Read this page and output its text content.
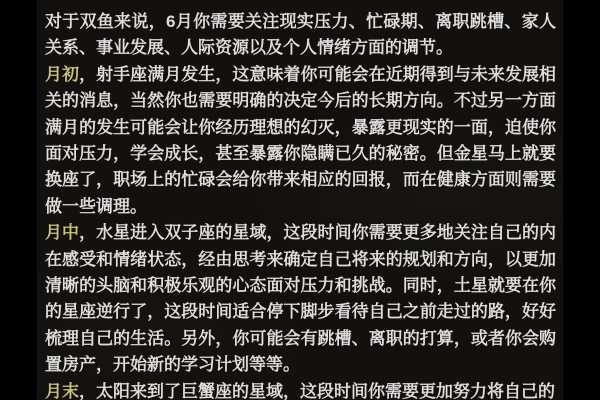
对于双鱼来说，6月你需要关注现实压力、忙碌期、离职跳槽、家人关系、事业发展、人际资源以及个人情绪方面的调节。

月初，射手座满月发生，这意味着你可能会在近期得到与未来发展相关的消息，当然你也需要明确的决定今后的长期方向。不过另一方面满月的发生可能会让你经历理想的幻灭，暴露更现实的一面，迫使你面对压力，学会成长，甚至暴露你隐瞒已久的秘密。但金星马上就要换座了，职场上的忙碌会给你带来相应的回报，而在健康方面则需要做一些调理。

月中，水星进入双子座的星域，这段时间你需要更多地关注自己的内在感受和情绪状态，经由思考来确定自己将来的规划和方向，以更加清晰的头脑和积极乐观的心态面对压力和挑战。同时，土星就要在你的星座逆行了，这段时间适合停下脚步看待自己之前走过的路，好好梳理自己的生活。另外，你可能会有跳槽、离职的打算，或者你会购置房产，开始新的学习计划等等。

月末，太阳来到了巨蟹座的星域，这段时间你需要更加努力将自己的
